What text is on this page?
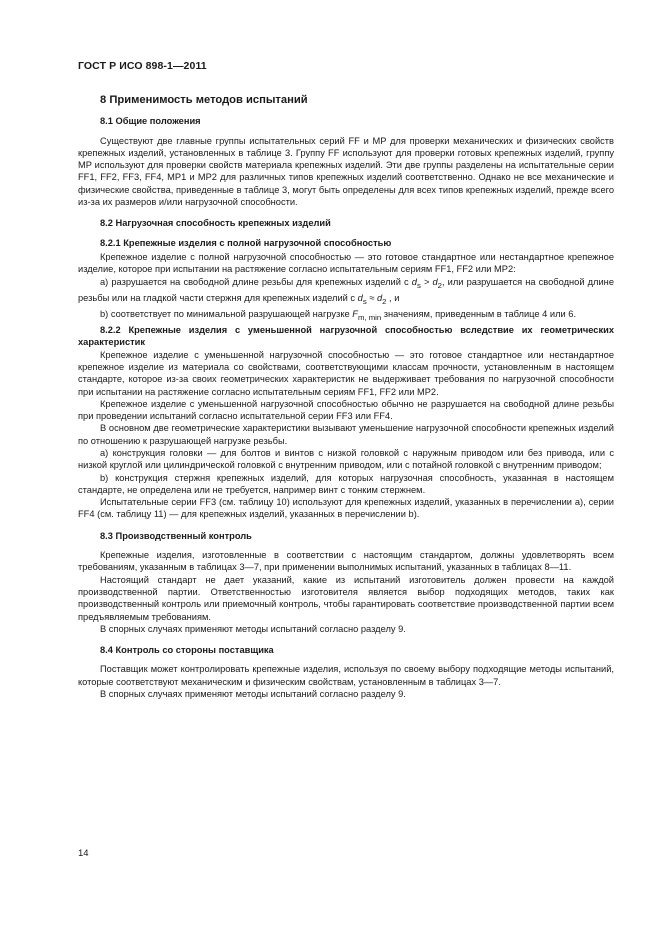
ГОСТ Р ИСО 898-1—2011
8 Применимость методов испытаний
8.1 Общие положения

Существуют две главные группы испытательных серий FF и MP для проверки механических и физических свойств крепежных изделий, установленных в таблице 3. Группу FF используют для проверки готовых крепежных изделий, группу MP используют для проверки свойств материала крепежных изделий. Эти две группы разделены на испытательные серии FF1, FF2, FF3, FF4, MP1 и MP2 для различных типов крепежных изделий соответственно. Однако не все механические и физические свойства, приведенные в таблице 3, могут быть определены для всех типов крепежных изделий, прежде всего из-за их размеров и/или нагрузочной способности.

8.2 Нагрузочная способность крепежных изделий
8.2.1 Крепежные изделия с полной нагрузочной способностью

Крепежное изделие с полной нагрузочной способностью — это готовое стандартное или нестандартное крепежное изделие, которое при испытании на растяжение согласно испытательным сериям FF1, FF2 или MP2:

a) разрушается на свободной длине резьбы для крепежных изделий с $d_s > d_2$, или разрушается на свободной длине резьбы или на гладкой части стержня для крепежных изделий с $d_s \approx d_2$ , и

b) соответствует по минимальной разрушающей нагрузке $F_{m, min}$ значениям, приведенным в таблице 4 или 6.

8.2.2 Крепежные изделия с уменьшенной нагрузочной способностью вследствие их геометрических характеристик

Крепежное изделие с уменьшенной нагрузочной способностью — это готовое стандартное или нестандартное крепежное изделие из материала со свойствами, соответствующими классам прочности, установленным в настоящем стандарте, которое из-за своих геометрических характеристик не выдерживает требования по нагрузочной способности при испытании на растяжение согласно испытательным сериям FF1, FF2 или MP2.

Крепежное изделие с уменьшенной нагрузочной способностью обычно не разрушается на свободной длине резьбы при проведении испытаний согласно испытательной серии FF3 или FF4.

В основном две геометрические характеристики вызывают уменьшение нагрузочной способности крепежных изделий по отношению к разрушающей нагрузке резьбы.

a) конструкция головки — для болтов и винтов с низкой головкой с наружным приводом или без привода, или с низкой круглой или цилиндрической головкой с внутренним приводом, или с потайной головкой с внутренним приводом;

b) конструкция стержня крепежных изделий, для которых нагрузочная способность, указанная в настоящем стандарте, не определена или не требуется, например винт с тонким стержнем.

Испытательные серии FF3 (см. таблицу 10) используют для крепежных изделий, указанных в перечислении a), серии FF4 (см. таблицу 11) — для крепежных изделий, указанных в перечислении b).

8.3 Производственный контроль

Крепежные изделия, изготовленные в соответствии с настоящим стандартом, должны удовлетворять всем требованиям, указанным в таблицах 3—7, при применении выполнимых испытаний, указанных в таблицах 8—11.

Настоящий стандарт не дает указаний, какие из испытаний изготовитель должен провести на каждой производственной партии. Ответственностью изготовителя является выбор подходящих методов, таких как производственный контроль или приемочный контроль, чтобы гарантировать соответствие производственной партии всем предъявляемым требованиям.

В спорных случаях применяют методы испытаний согласно разделу 9.

8.4 Контроль со стороны поставщика

Поставщик может контролировать крепежные изделия, используя по своему выбору подходящие методы испытаний, которые соответствуют механическим и физическим свойствам, установленным в таблицах 3—7.

В спорных случаях применяют методы испытаний согласно разделу 9.

14
